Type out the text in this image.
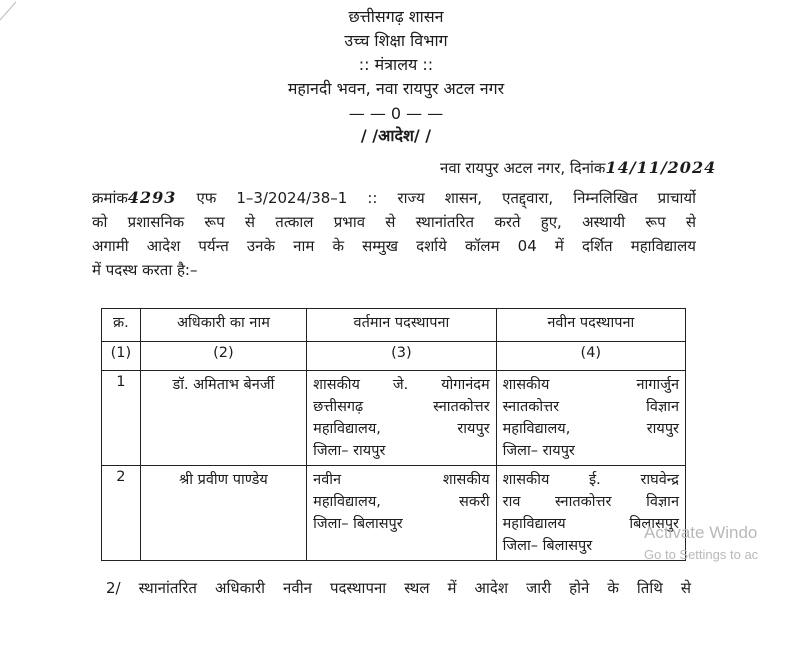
छत्तीसगढ़ शासन
उच्च शिक्षा विभाग
:: मंत्रालय ::
महानदी भवन, नवा रायपुर अटल नगर
— — 0 — —
/ /आदेश/ /
नवा रायपुर अटल नगर, दिनांक14/11/2024
क्रमांक4293 एफ 1–3/2024/38–1 :: राज्य शासन, एतद्द्वारा, निम्नलिखित प्राचार्यो
को प्रशासनिक रूप से तत्काल प्रभाव से स्थानांतरित करते हुए, अस्थायी रूप से
अगामी आदेश पर्यन्त उनके नाम के सम्मुख दर्शाये कॉलम 04 में दर्शित महाविद्यालय
में पदस्थ करता है:–
क्र.	अधिकारी का नाम	वर्तमान पदस्थापना	नवीन पदस्थापना
(1)	(2)	(3)	(4)
1	डॉ. अमिताभ बेनर्जी	शासकीय जे. योगानंदम
छत्तीसगढ़ स्नातकोत्तर
महाविद्यालय, रायपुर
जिला– रायपुर	शासकीय नागार्जुन
स्नातकोत्तर विज्ञान
महाविद्यालय, रायपुर
जिला– रायपुर

2	श्री प्रवीण पाण्डेय	नवीन शासकीय
महाविद्यालय, सकरी
जिला– बिलासपुर	शासकीय ई. राघवेन्द्र
राव स्नातकोत्तर विज्ञान
महाविद्यालय बिलासपुर
जिला– बिलासपुर
2/ स्थानांतरित अधिकारी नवीन पदस्थापना स्थल में आदेश जारी होने के तिथि से
Activate Windo
Go to Settings to ac
